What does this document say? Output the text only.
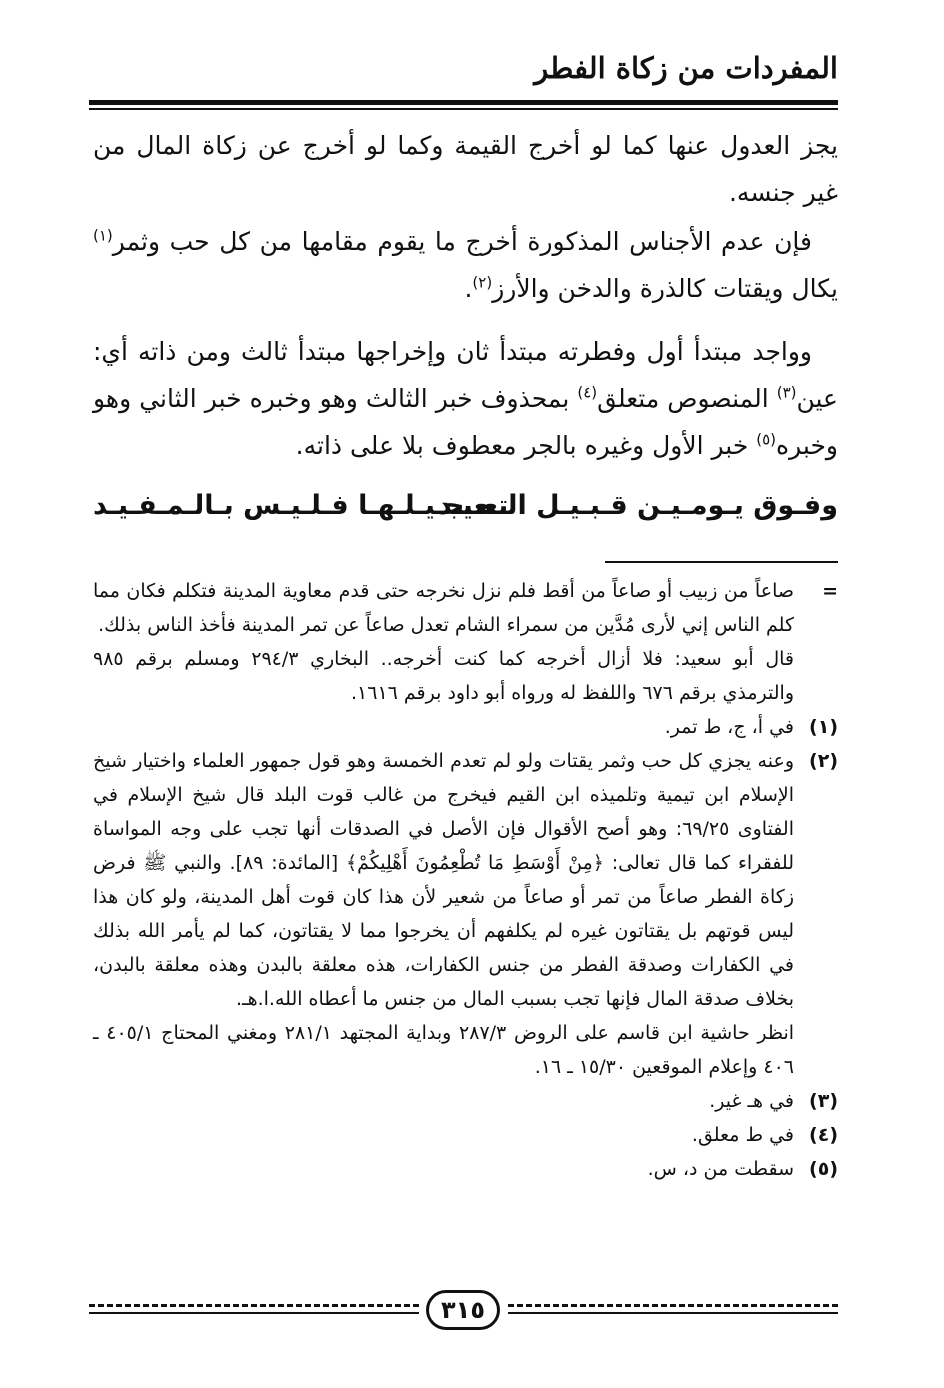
المفردات من زكاة الفطر
يجز العدول عنها كما لو أخرج القيمة وكما لو أخرج عن زكاة المال من غير جنسه.
فإن عدم الأجناس المذكورة أخرج ما يقوم مقامها من كل حب وثمر$^{(١)}$ يكال ويقتات كالذرة والدخن والأرز$^{(٢)}$.
وواجد مبتدأ أول وفطرته مبتدأ ثان وإخراجها مبتدأ ثالث ومن ذاته أي: عين$^{(٣)}$ المنصوص متعلق$^{(٤)}$ بمحذوف خبر الثالث وهو وخبره خبر الثاني وهو وخبره$^{(٥)}$ خبر الأول وغيره بالجر معطوف بلا على ذاته.
وفـوق يـومـيـن قـبـيـل الـعـيـد
تـعـجـيـلـهـا فـلـيـس بـالـمـفـيـد
=
صاعاً من زبيب أو صاعاً من أقط فلم نزل نخرجه حتى قدم معاوية المدينة فتكلم فكان مما كلم الناس إني لأرى مُدَّين من سمراء الشام تعدل صاعاً عن تمر المدينة فأخذ الناس بذلك.
قال أبو سعيد: فلا أزال أخرجه كما كنت أخرجه.. البخاري ٢٩٤/٣ ومسلم برقم ٩٨٥ والترمذي برقم ٦٧٦ واللفظ له ورواه أبو داود برقم ١٦١٦.
(١)
في أ، ج، ط تمر.
(٢)
وعنه يجزي كل حب وثمر يقتات ولو لم تعدم الخمسة وهو قول جمهور العلماء واختيار شيخ الإسلام ابن تيمية وتلميذه ابن القيم فيخرج من غالب قوت البلد قال شيخ الإسلام في الفتاوى ٦٩/٢٥: وهو أصح الأقوال فإن الأصل في الصدقات أنها تجب على وجه المواساة للفقراء كما قال تعالى: ﴿مِنْ أَوْسَطِ مَا تُطْعِمُونَ أَهْلِيكُمْ﴾ [المائدة: ٨٩]. والنبي ﷺ فرض زكاة الفطر صاعاً من تمر أو صاعاً من شعير لأن هذا كان قوت أهل المدينة، ولو كان هذا ليس قوتهم بل يقتاتون غيره لم يكلفهم أن يخرجوا مما لا يقتاتون، كما لم يأمر الله بذلك في الكفارات وصدقة الفطر من جنس الكفارات، هذه معلقة بالبدن وهذه معلقة بالبدن، بخلاف صدقة المال فإنها تجب بسبب المال من جنس ما أعطاه الله.ا.هـ.
انظر حاشية ابن قاسم على الروض ٢٨٧/٣ وبداية المجتهد ٢٨١/١ ومغني المحتاج ٤٠٥/١ ـ ٤٠٦ وإعلام الموقعين ١٥/٣٠ ـ ١٦.
(٣)
في هـ غير.
(٤)
في ط معلق.
(٥)
سقطت من د، س.
٣١٥
